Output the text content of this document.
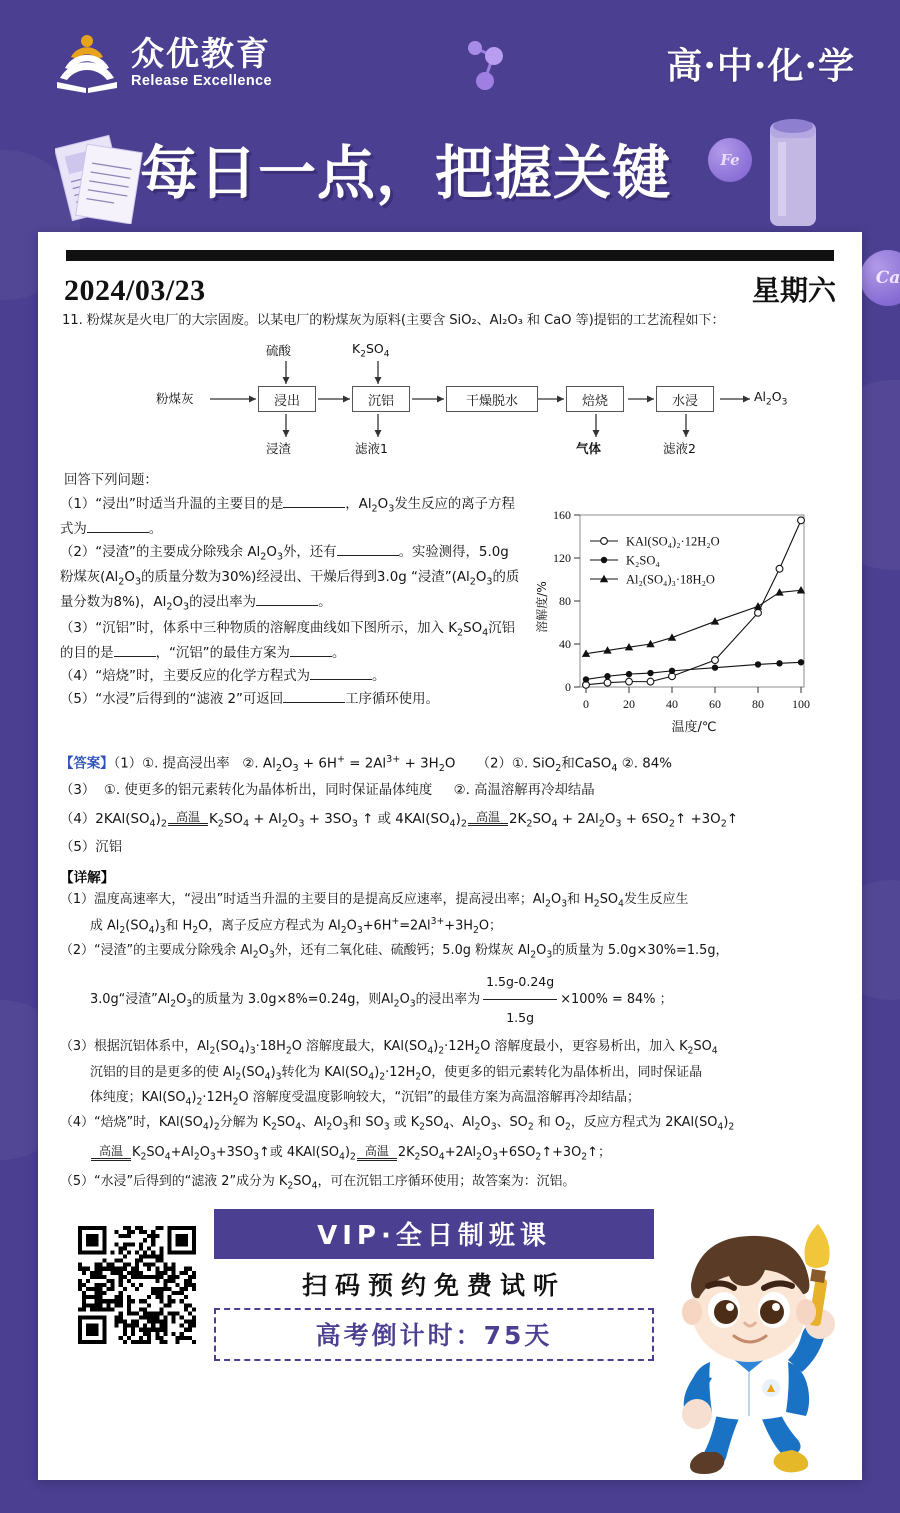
众优教育
Release Excellence	高·中·化·学
每日一点，把握关键	Fe
Ca
2024/03/23	星期六
11. 粉煤灰是火电厂的大宗固废。以某电厂的粉煤灰为原料(主要含 SiO₂、Al₂O₃ 和 CaO 等)提铝的工艺流程如下：
粉煤灰
硫酸	$K_2SO_4$
浸出	沉铝	干燥脱水	焙烧	水浸	$Al_2O_3$
浸渣	滤液1	气体	滤液2
回答下列问题：
（1）“浸出”时适当升温的主要目的是	，$Al_2O_3$发生反应的离子方程式为	。
（2）“浸渣”的主要成分除残余 $Al_2O_3$外，还有	。实验测得，5.0g 粉煤灰($Al_2O_3$的质量分数为30%)经浸出、干燥后得到3.0g “浸渣$”(Al_2O_3$的质量分数为8%)，$Al_2O_3$的浸出率为	。
（3）“沉铝”时，体系中三种物质的溶解度曲线如下图所示，加入 $K_2SO_4$沉铝的目的是	，“沉铝”的最佳方案为	。
（4）“焙烧”时，主要反应的化学方程式为	。
（5）“水浸”后得到的“滤液 2”可返回	工序循环使用。
0
40
80
120
160
0	20	40	60	80 100
温度/℃
溶解度/%
KAl(SO₄)₂·12H₂O
K₂SO₄
Al₂(SO₄)₃·18H₂O
【答案】（1）①. 提高浸出率   ②. $Al_2O_3 + 6H^+ = 2Al^{3+} + 3H_2O$     （2）①. SiO$_2$和CaSO$_4$ ②. 84%
（3）  ①. 使更多的铝元素转化为晶体析出，同时保证晶体纯度     ②. 高温溶解再冷却结晶
$(4)2KAl(SO_4)_2$ 高温 $K_2SO_4 + Al_2O_3 + 3SO_3$ ↑ 或 $4KAl(SO_4)_2$ 高温 $2K_2SO_4 + 2Al_2O_3$ + $6SO_2↑$ $+3O_2↑$
（5）沉铝
【详解】
（1）温度高速率大，“浸出”时适当升温的主要目的是提高反应速率，提高浸出率；$Al_2O_3$和 $H_2SO_4$发生反应生
成 $Al_2(SO_4)_3$和 $H_2O$，离子反应方程式为 $Al_2O_3+6H^+=2Al^{3+}+3H_2O$；
（2）“浸渣”的主要成分除残余 $Al_2O_3$外，还有二氧化硅、硫酸钙；5.0g 粉煤灰 $Al_2O_3$的质量为 5.0g×30%=1.5g，
3.0g“浸渣$”Al_2O_3$的质量为 3.0g×8%=0.24g，则$Al_2O_3$的浸出率为 $\frac{1.5g-0.24g}{1.5g} \times 100\% = 84\%$ ；
（3）根据沉铝体系中，$Al_2(SO_4)_3\cdot 18H_2O$ 溶解度最大，$KAl(SO_4)_2\cdot 12H_2O$ 溶解度最小，更容易析出，加入 $K_2SO_4$
沉铝的目的是更多的使 $Al_2(SO_4)_3$转化为 $KAl(SO_4)_2\cdot 12H_2O$，使更多的铝元素转化为晶体析出，同时保证晶
体纯度；$KAl(SO_4)_2\cdot 12H_2O$ 溶解度受温度影响较大，“沉铝”的最佳方案为高温溶解再冷却结晶；
（4）“焙烧”时，$KAl(SO_4)_2$分解为 $K_2SO_4$、$Al_2O_3$和 $SO_3$ 或 $K_2SO_4$、$Al_2O_3$、$SO_2$ 和 $O_2$，反应方程式为 $2KAl(SO_4)_2$
高温 $K_2SO_4+Al_2O_3+3SO_3↑$或 $4KAl(SO_4)_2$ 高温 $2K_2SO_4+2Al_2O_3+6SO_2↑+3O_2↑$；
（5）“水浸”后得到的“滤液 2”成分为 $K_2SO_4$，可在沉铝工序循环使用；故答案为：沉铝。
VIP·全日制班课
扫码预约免费试听
高考倒计时：75天
